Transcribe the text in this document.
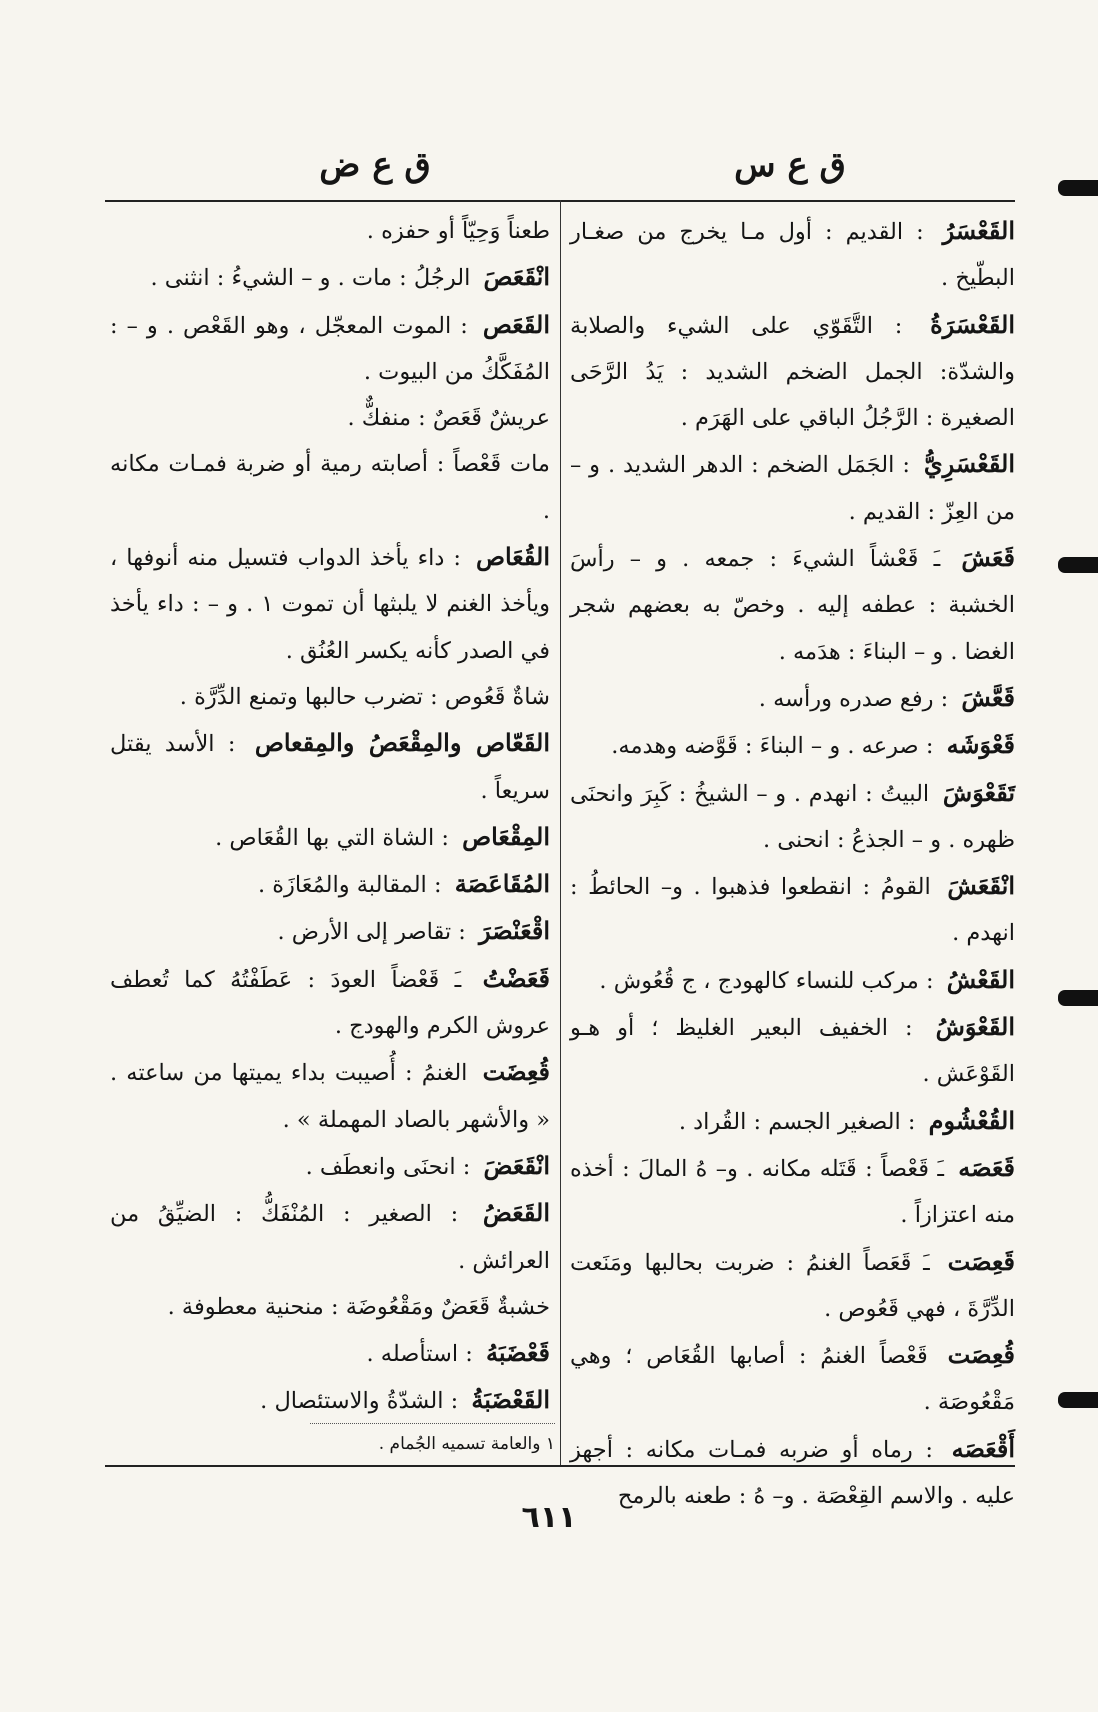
ق ع س
ق ع ض

القَعْسَرُ : القديم : أول مـا يخرج من صغـار البطّيخ .

القَعْسَرَةُ : التَّقَوّي على الشيء والصلابة والشدّة: الجمل الضخم الشديد : يَدُ الرَّحَى الصغيرة : الرَّجُلُ الباقي على الهَرَم .

القَعْسَرِيُّ : الجَمَل الضخم : الدهر الشديد . و – من العِزّ : القديم .

قَعَشَ ـَ قَعْشاً الشيءَ : جمعه . و – رأسَ الخشبة : عطفه إليه . وخصّ به بعضهم شجر الغضا . و – البناءَ : هدَمه .

قَعَّشَ : رفع صدره ورأسه .

قَعْوَشَه : صرعه . و – البناءَ : قَوَّضه وهدمه.

تَقَعْوَشَ البيتُ : انهدم . و – الشيخُ : كَبِرَ وانحنَى ظهره . و – الجذعُ : انحنى .

انْقَعَشَ القومُ : انقطعوا فذهبوا . و– الحائطُ : انهدم .

القَعْشُ : مركب للنساء كالهودج ، ج قُعُوش .

القَعْوَشُ : الخفيف البعير الغليظ ؛ أو هـو القَوْعَش .

القُعْشُوم : الصغير الجسم : القُراد .

قَعَصَه ـَ قَعْصاً : قَتَله مكانه . و– هُ المالَ : أخذه منه اعتزازاً .

قَعِصَت ـَ قَعَصاً الغنمُ : ضربت بحالبها ومَنَعت الدِّرَّةَ ، فهي قَعُوص .

قُعِصَت قَعْصاً الغنمُ : أصابها القُعَاص ؛ وهي مَقْعُوصَة .

أَقْعَصَه : رماه أو ضربه فمـات مكانه : أجهز عليه . والاسم القِعْصَة . و– هُ : طعنه بالرمح

طعناً وَحِيّاً أو حفزه .

انْقَعَصَ الرجُلُ : مات . و – الشيءُ : انثنى .

القَعَص : الموت المعجّل ، وهو القَعْص . و – : المُفَكَّكُ من البيوت .

عريشٌ قَعَصٌ : منفكٌّ .

مات قَعْصاً : أصابته رمية أو ضربة فمـات مكانه .

القُعَاص : داء يأخذ الدواب فتسيل منه أنوفها ، ويأخذ الغنم لا يلبثها أن تموت ١ . و – : داء يأخذ في الصدر كأنه يكسر العُنُق .

شاةٌ قَعُوص : تضرب حالبها وتمنع الدِّرَّة .

القَعّاص والمِقْعَصُ والمِقعاص : الأسد يقتل سريعاً .

المِقْعَاص : الشاة التي بها القُعَاص .

المُقَاعَصَة : المقالبة والمُعَازَة .

اقْعَنْصَرَ : تقاصر إلى الأرض .

قَعَضْتُ ـَ قَعْضاً العودَ : عَطَفْتُهُ كما تُعطف عروش الكرم والهودج .

قُعِضَت الغنمُ : أُصيبت بداء يميتها من ساعته . « والأشهر بالصاد المهملة » .

انْقَعَضَ : انحنَى وانعطَف .

القَعَضُ : الصغير : المُنْفَكُّ : الضيِّقُ من العرائش .

خشبةٌ قَعَضٌ ومَقْعُوضَة : منحنية معطوفة .

قَعْضَبَهُ : استأصله .

القَعْضَبَةُ : الشدّةُ والاستئصال .

١ والعامة تسميه الجُمام .
٦١١
